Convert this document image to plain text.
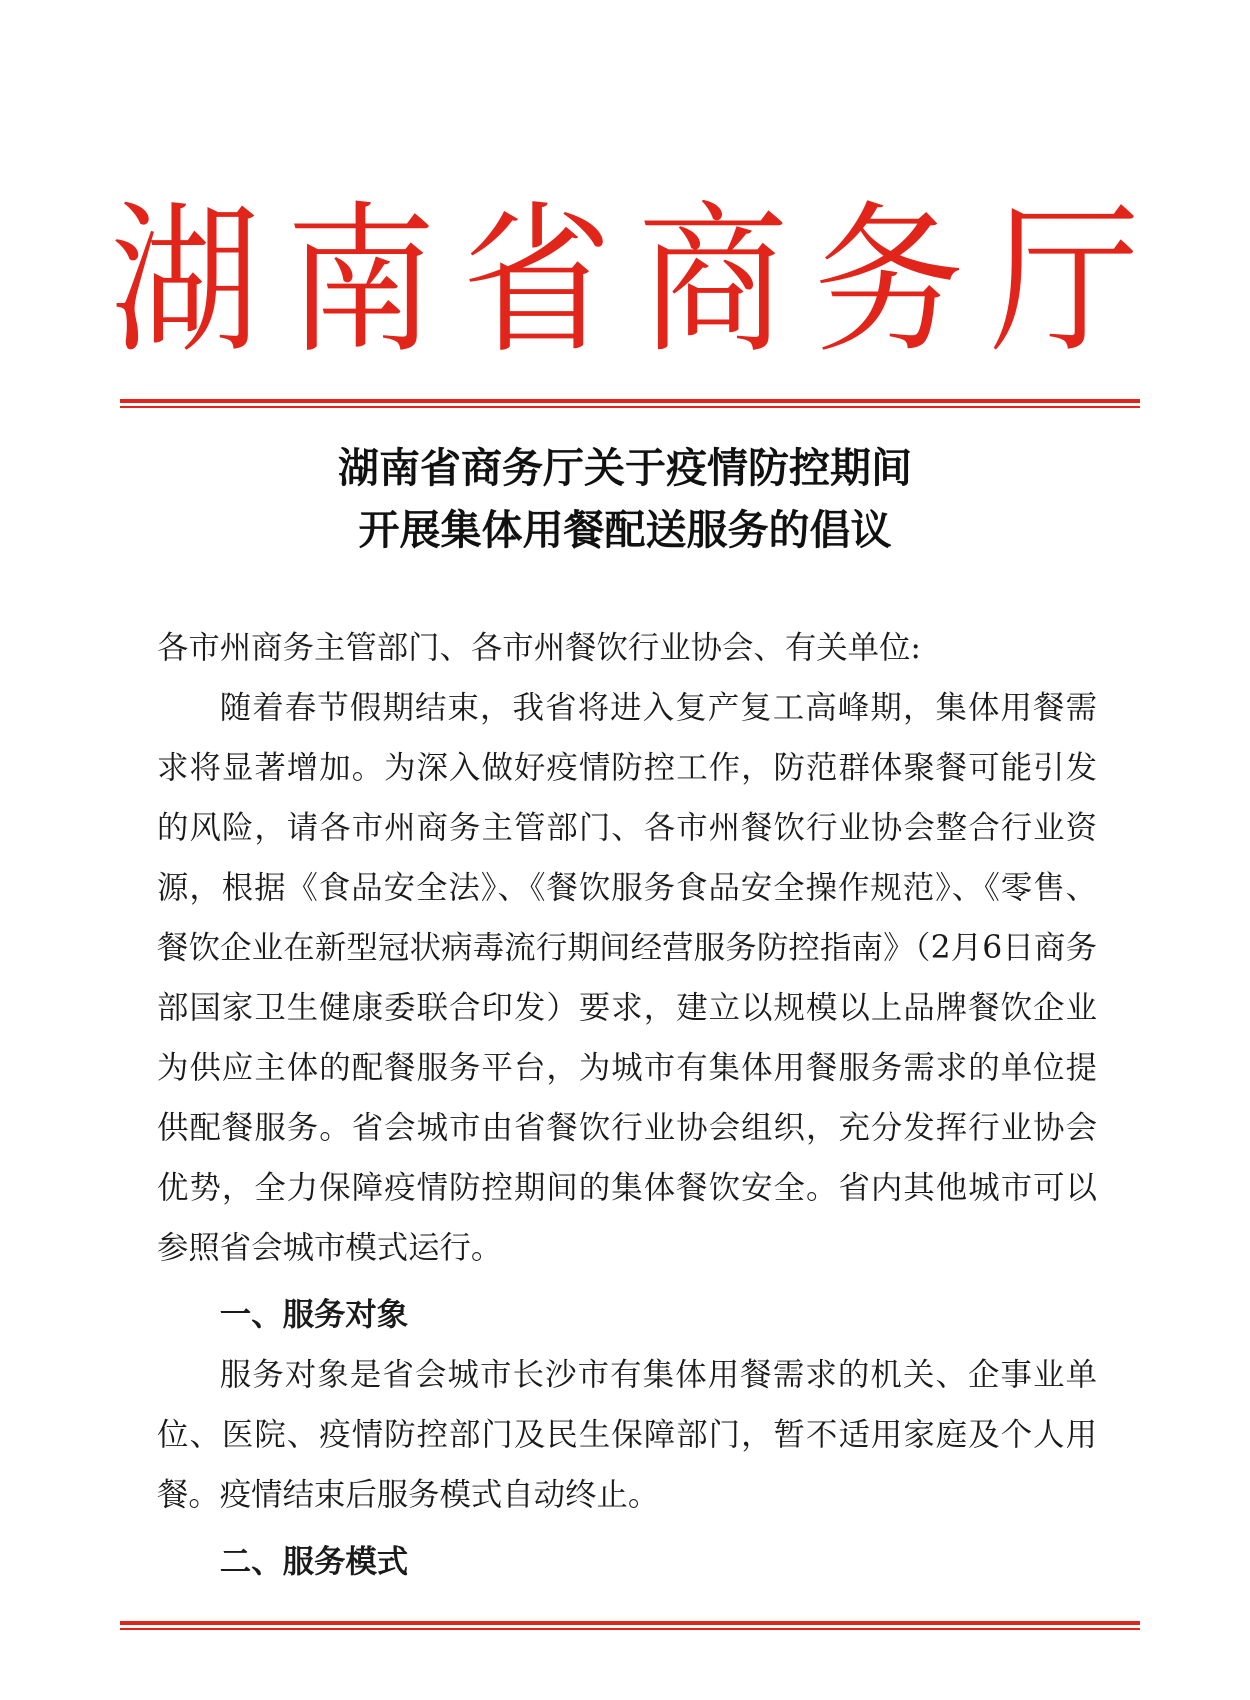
湖南省商务厅
湖南省商务厅关于疫情防控期间
开展集体用餐配送服务的倡议

各市州商务主管部门、各市州餐饮行业协会、有关单位:

随着春节假期结束，我省将进入复产复工高峰期，集体用餐需求将显著增加。为深入做好疫情防控工作，防范群体聚餐可能引发的风险，请各市州商务主管部门、各市州餐饮行业协会整合行业资源，根据《食品安全法》、《餐饮服务食品安全操作规范》、《零售、餐饮企业在新型冠状病毒流行期间经营服务防控指南》（2月6日商务部国家卫生健康委联合印发）要求，建立以规模以上品牌餐饮企业为供应主体的配餐服务平台，为城市有集体用餐服务需求的单位提供配餐服务。省会城市由省餐饮行业协会组织，充分发挥行业协会优势，全力保障疫情防控期间的集体餐饮安全。省内其他城市可以参照省会城市模式运行。

一、服务对象

服务对象是省会城市长沙市有集体用餐需求的机关、企事业单位、医院、疫情防控部门及民生保障部门，暂不适用家庭及个人用餐。疫情结束后服务模式自动终止。

二、服务模式
